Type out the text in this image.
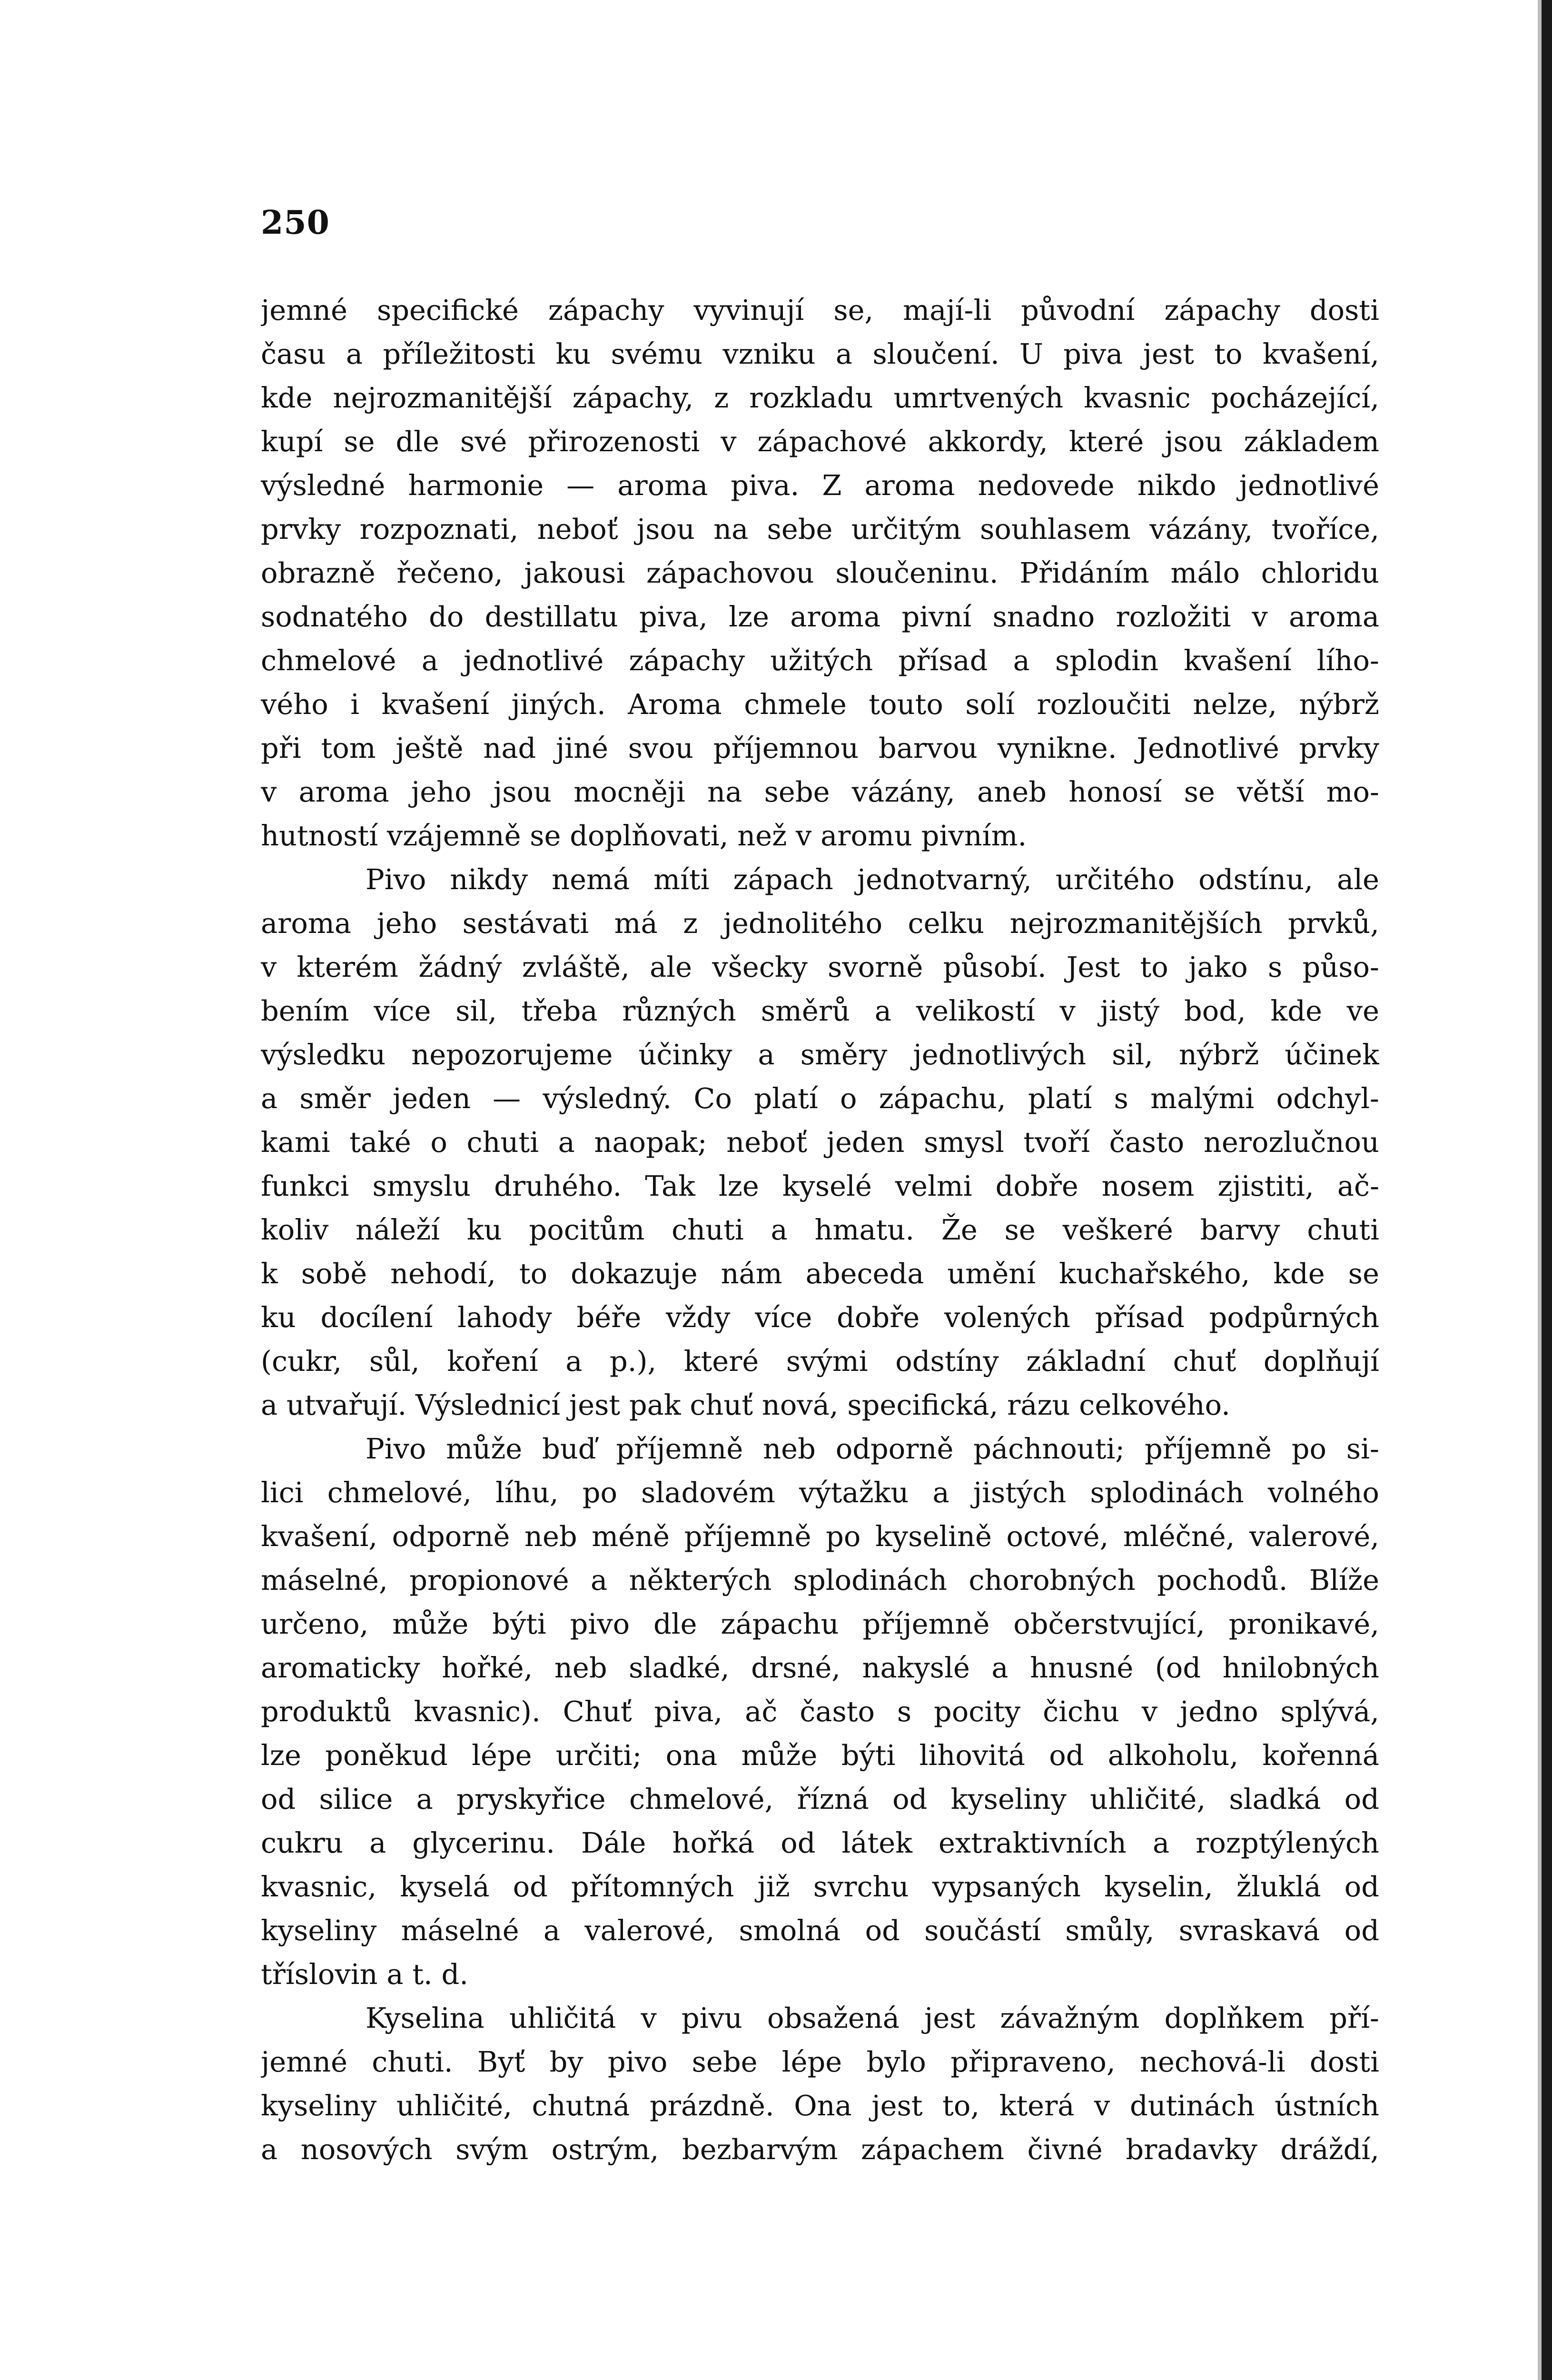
250
jemné specifické zápachy vyvinují se, mají-li původní zápachy dosti
času a příležitosti ku svému vzniku a sloučení. U piva jest to kvašení,
kde nejrozmanitější zápachy, z rozkladu umrtvených kvasnic pocházející,
kupí se dle své přirozenosti v zápachové akkordy, které jsou základem
výsledné harmonie — aroma piva. Z aroma nedovede nikdo jednotlivé
prvky rozpoznati, neboť jsou na sebe určitým souhlasem vázány, tvoříce,
obrazně řečeno, jakousi zápachovou sloučeninu. Přidáním málo chloridu
sodnatého do destillatu piva, lze aroma pivní snadno rozložiti v aroma
chmelové a jednotlivé zápachy užitých přísad a splodin kvašení lího-
vého i kvašení jiných. Aroma chmele touto solí rozloučiti nelze, nýbrž
při tom ještě nad jiné svou příjemnou barvou vynikne. Jednotlivé prvky
v aroma jeho jsou mocněji na sebe vázány, aneb honosí se větší mo-
hutností vzájemně se doplňovati, než v aromu pivním.
Pivo nikdy nemá míti zápach jednotvarný, určitého odstínu, ale
aroma jeho sestávati má z jednolitého celku nejrozmanitějších prvků,
v kterém žádný zvláště, ale všecky svorně působí. Jest to jako s půso-
bením více sil, třeba různých směrů a velikostí v jistý bod, kde ve
výsledku nepozorujeme účinky a směry jednotlivých sil, nýbrž účinek
a směr jeden — výsledný. Co platí o zápachu, platí s malými odchyl-
kami také o chuti a naopak; neboť jeden smysl tvoří často nerozlučnou
funkci smyslu druhého. Tak lze kyselé velmi dobře nosem zjistiti, ač-
koliv náleží ku pocitům chuti a hmatu. Že se veškeré barvy chuti
k sobě nehodí, to dokazuje nám abeceda umění kuchařského, kde se
ku docílení lahody béře vždy více dobře volených přísad podpůrných
(cukr, sůl, koření a p.), které svými odstíny základní chuť doplňují
a utvařují. Výslednicí jest pak chuť nová, specifická, rázu celkového.
Pivo může buď příjemně neb odporně páchnouti; příjemně po si-
lici chmelové, líhu, po sladovém výtažku a jistých splodinách volného
kvašení, odporně neb méně příjemně po kyselině octové, mléčné, valerové,
máselné, propionové a některých splodinách chorobných pochodů. Blíže
určeno, může býti pivo dle zápachu příjemně občerstvující, pronikavé,
aromaticky hořké, neb sladké, drsné, nakyslé a hnusné (od hnilobných
produktů kvasnic). Chuť piva, ač často s pocity čichu v jedno splývá,
lze poněkud lépe určiti; ona může býti lihovitá od alkoholu, kořenná
od silice a pryskyřice chmelové, řízná od kyseliny uhličité, sladká od
cukru a glycerinu. Dále hořká od látek extraktivních a rozptýlených
kvasnic, kyselá od přítomných již svrchu vypsaných kyselin, žluklá od
kyseliny máselné a valerové, smolná od součástí smůly, svraskavá od
tříslovin a t. d.
Kyselina uhličitá v pivu obsažená jest závažným doplňkem pří-
jemné chuti. Byť by pivo sebe lépe bylo připraveno, nechová-li dosti
kyseliny uhličité, chutná prázdně. Ona jest to, která v dutinách ústních
a nosových svým ostrým, bezbarvým zápachem čivné bradavky dráždí,
